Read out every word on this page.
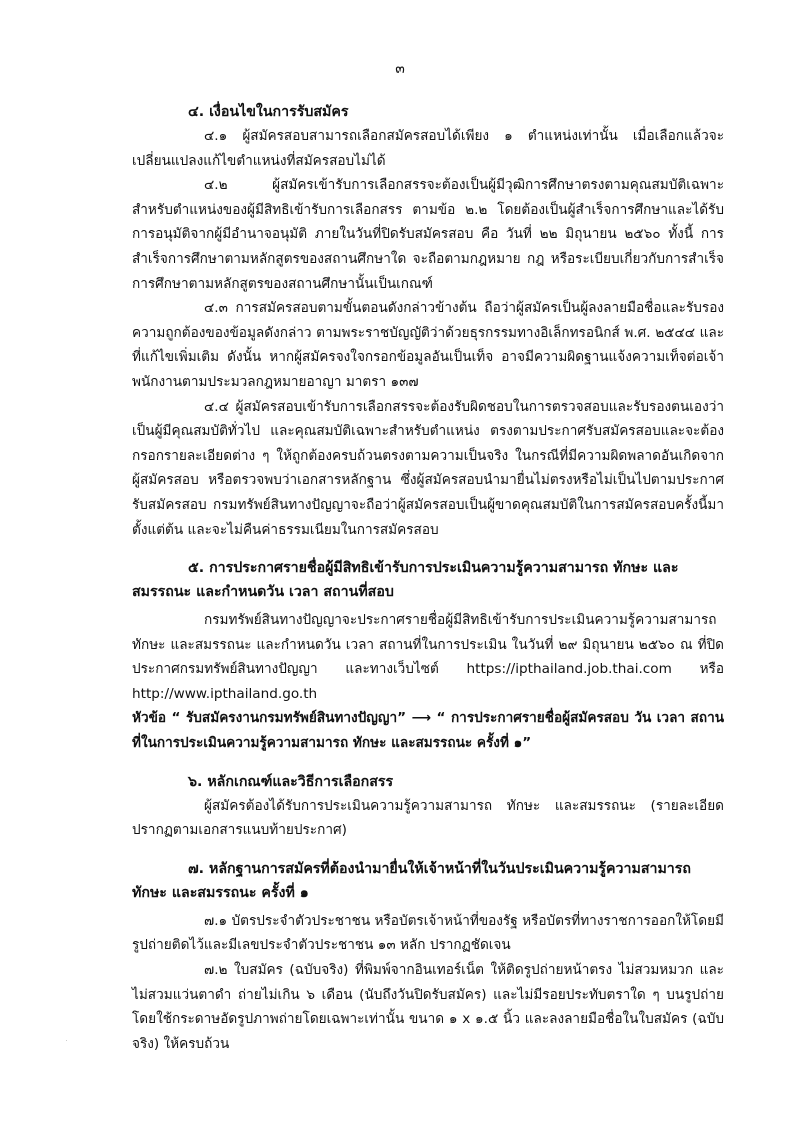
๓

๔. เงื่อนไขในการรับสมัคร

๔.๑ ผู้สมัครสอบสามารถเลือกสมัครสอบได้เพียง ๑ ตำแหน่งเท่านั้น เมื่อเลือกแล้วจะเปลี่ยนแปลงแก้ไขตำแหน่งที่สมัครสอบไม่ได้

๔.๒ ผู้สมัครเข้ารับการเลือกสรรจะต้องเป็นผู้มีวุฒิการศึกษาตรงตามคุณสมบัติเฉพาะสำหรับตำแหน่งของผู้มีสิทธิเข้ารับการเลือกสรร ตามข้อ ๒.๒ โดยต้องเป็นผู้สำเร็จการศึกษาและได้รับการอนุมัติจากผู้มีอำนาจอนุมัติ ภายในวันที่ปิดรับสมัครสอบ คือ วันที่ ๒๒ มิถุนายน ๒๕๖๐ ทั้งนี้ การสำเร็จการศึกษาตามหลักสูตรของสถานศึกษาใด จะถือตามกฎหมาย กฎ หรือระเบียบเกี่ยวกับการสำเร็จการศึกษาตามหลักสูตรของสถานศึกษานั้นเป็นเกณฑ์

๔.๓ การสมัครสอบตามขั้นตอนดังกล่าวข้างต้น ถือว่าผู้สมัครเป็นผู้ลงลายมือชื่อและรับรองความถูกต้องของข้อมูลดังกล่าว ตามพระราชบัญญัติว่าด้วยธุรกรรมทางอิเล็กทรอนิกส์ พ.ศ. ๒๕๔๔ และที่แก้ไขเพิ่มเติม ดังนั้น หากผู้สมัครจงใจกรอกข้อมูลอันเป็นเท็จ อาจมีความผิดฐานแจ้งความเท็จต่อเจ้าพนักงานตามประมวลกฎหมายอาญา มาตรา ๑๓๗

๔.๔ ผู้สมัครสอบเข้ารับการเลือกสรรจะต้องรับผิดชอบในการตรวจสอบและรับรองตนเองว่าเป็นผู้มีคุณสมบัติทั่วไป และคุณสมบัติเฉพาะสำหรับตำแหน่ง ตรงตามประกาศรับสมัครสอบและจะต้องกรอกรายละเอียดต่าง ๆ ให้ถูกต้องครบถ้วนตรงตามความเป็นจริง ในกรณีที่มีความผิดพลาดอันเกิดจากผู้สมัครสอบ หรือตรวจพบว่าเอกสารหลักฐาน ซึ่งผู้สมัครสอบนำมายื่นไม่ตรงหรือไม่เป็นไปตามประกาศรับสมัครสอบ กรมทรัพย์สินทางปัญญาจะถือว่าผู้สมัครสอบเป็นผู้ขาดคุณสมบัติในการสมัครสอบครั้งนี้มาตั้งแต่ต้น และจะไม่คืนค่าธรรมเนียมในการสมัครสอบ

๕. การประกาศรายชื่อผู้มีสิทธิเข้ารับการประเมินความรู้ความสามารถ ทักษะ และสมรรถนะ และกำหนดวัน เวลา สถานที่สอบ

กรมทรัพย์สินทางปัญญาจะประกาศรายชื่อผู้มีสิทธิเข้ารับการประเมินความรู้ความสามารถ ทักษะ และสมรรถนะ และกำหนดวัน เวลา สถานที่ในการประเมิน ในวันที่ ๒๙ มิถุนายน ๒๕๖๐ ณ ที่ปิดประกาศกรมทรัพย์สินทางปัญญา และทางเว็บไซต์ https://ipthailand.job.thai.com หรือ http://www.ipthailand.go.th

หัวข้อ “ รับสมัครงานกรมทรัพย์สินทางปัญญา” ⟶ “ การประกาศรายชื่อผู้สมัครสอบ วัน เวลา สถานที่ในการประเมินความรู้ความสามารถ ทักษะ และสมรรถนะ ครั้งที่ ๑”

๖. หลักเกณฑ์และวิธีการเลือกสรร

ผู้สมัครต้องได้รับการประเมินความรู้ความสามารถ ทักษะ และสมรรถนะ (รายละเอียดปรากฏตามเอกสารแนบท้ายประกาศ)

๗. หลักฐานการสมัครที่ต้องนำมายื่นให้เจ้าหน้าที่ในวันประเมินความรู้ความสามารถ ทักษะ และสมรรถนะ ครั้งที่ ๑

๗.๑ บัตรประจำตัวประชาชน หรือบัตรเจ้าหน้าที่ของรัฐ หรือบัตรที่ทางราชการออกให้โดยมีรูปถ่ายติดไว้และมีเลขประจำตัวประชาชน ๑๓ หลัก ปรากฏชัดเจน

๗.๒ ใบสมัคร (ฉบับจริง) ที่พิมพ์จากอินเทอร์เน็ต ให้ติดรูปถ่ายหน้าตรง ไม่สวมหมวก และไม่สวมแว่นตาดำ ถ่ายไม่เกิน ๖ เดือน (นับถึงวันปิดรับสมัคร) และไม่มีรอยประทับตราใด ๆ บนรูปถ่าย โดยใช้กระดาษอัดรูปภาพถ่ายโดยเฉพาะเท่านั้น ขนาด ๑ x ๑.๕ นิ้ว และลงลายมือชื่อในใบสมัคร (ฉบับจริง) ให้ครบถ้วน
